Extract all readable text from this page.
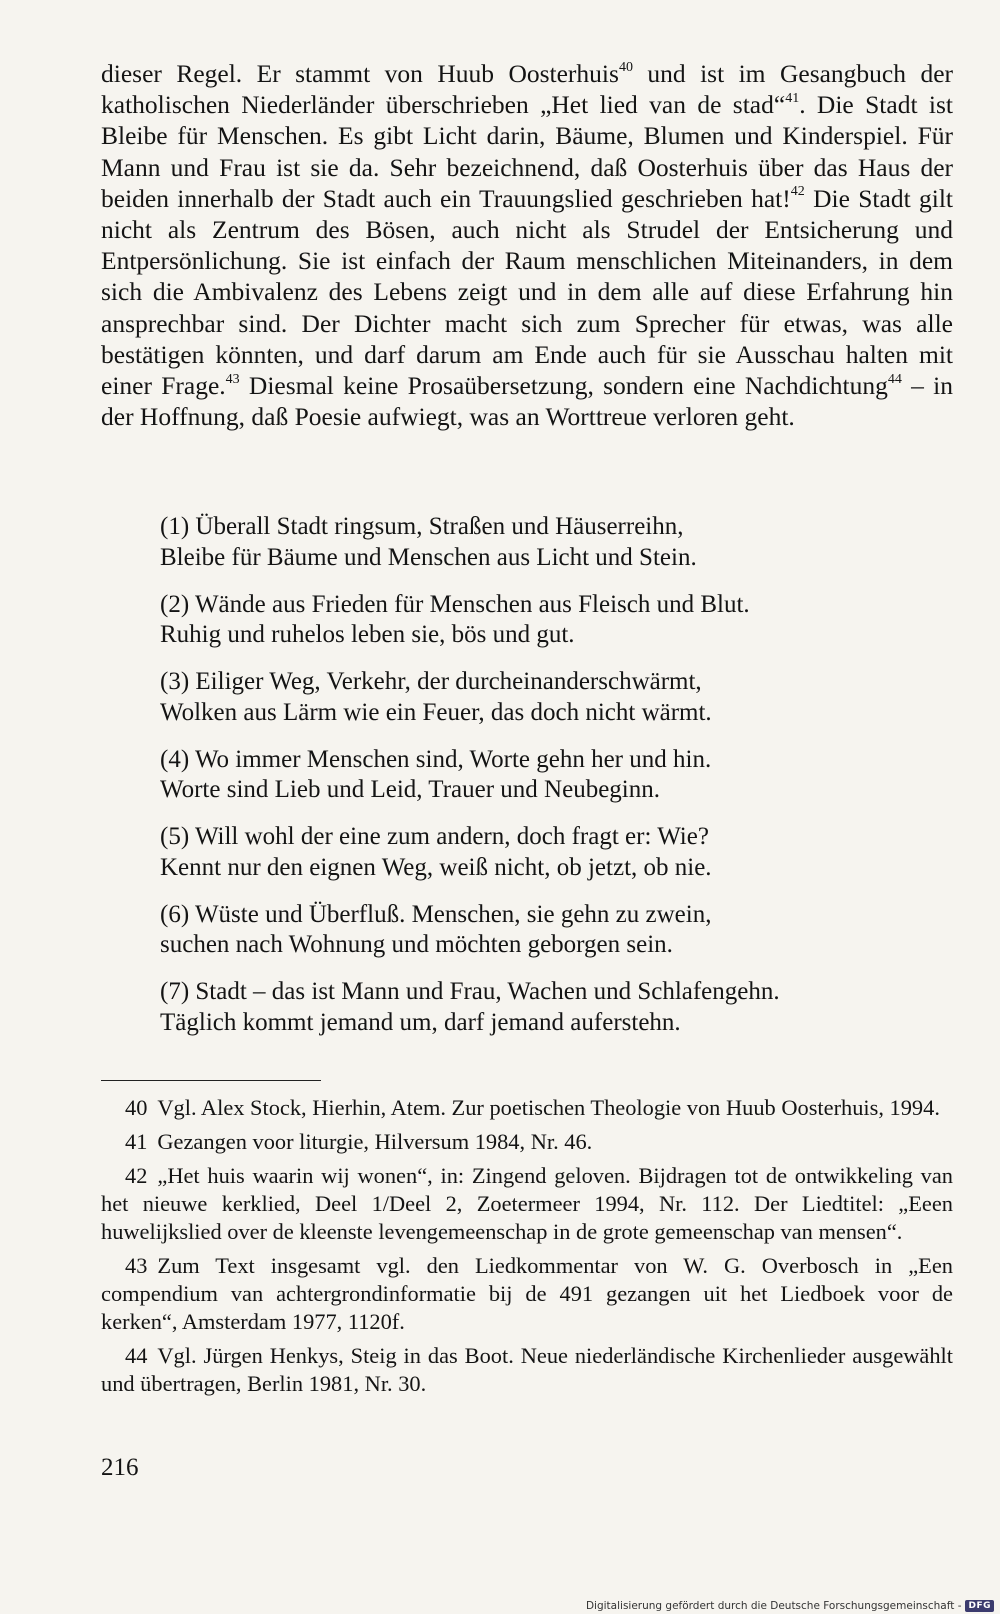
dieser Regel. Er stammt von Huub Oosterhuis$^{40}$ und ist im Gesangbuch der katholischen Niederländer überschrieben „Het lied van de stad“$^{41}$. Die Stadt ist Bleibe für Menschen. Es gibt Licht darin, Bäume, Blumen und Kinderspiel. Für Mann und Frau ist sie da. Sehr bezeichnend, daß Oosterhuis über das Haus der beiden innerhalb der Stadt auch ein Trauungslied geschrieben hat!$^{42}$ Die Stadt gilt nicht als Zentrum des Bösen, auch nicht als Strudel der Entsicherung und Entpersönlichung. Sie ist einfach der Raum menschlichen Miteinanders, in dem sich die Ambivalenz des Lebens zeigt und in dem alle auf diese Erfahrung hin ansprechbar sind. Der Dichter macht sich zum Sprecher für etwas, was alle bestätigen könnten, und darf darum am Ende auch für sie Ausschau halten mit einer Frage.$^{43}$ Diesmal keine Prosaübersetzung, sondern eine Nachdichtung$^{44}$ – in der Hoffnung, daß Poesie aufwiegt, was an Worttreue verloren geht.

(1) Überall Stadt ringsum, Straßen und Häuserreihn,
Bleibe für Bäume und Menschen aus Licht und Stein.
(2) Wände aus Frieden für Menschen aus Fleisch und Blut.
Ruhig und ruhelos leben sie, bös und gut.
(3) Eiliger Weg, Verkehr, der durcheinanderschwärmt,
Wolken aus Lärm wie ein Feuer, das doch nicht wärmt.
(4) Wo immer Menschen sind, Worte gehn her und hin.
Worte sind Lieb und Leid, Trauer und Neubeginn.
(5) Will wohl der eine zum andern, doch fragt er: Wie?
Kennt nur den eignen Weg, weiß nicht, ob jetzt, ob nie.
(6) Wüste und Überfluß. Menschen, sie gehn zu zwein,
suchen nach Wohnung und möchten geborgen sein.
(7) Stadt – das ist Mann und Frau, Wachen und Schlafengehn.
Täglich kommt jemand um, darf jemand auferstehn.
40 Vgl. Alex Stock, Hierhin, Atem. Zur poetischen Theologie von Huub Oosterhuis, 1994.
41 Gezangen voor liturgie, Hilversum 1984, Nr. 46.
42 „Het huis waarin wij wonen“, in: Zingend geloven. Bijdragen tot de ontwikkeling van het nieuwe kerklied, Deel 1/Deel 2, Zoetermeer 1994, Nr. 112. Der Liedtitel: „Eeen huwelijkslied over de kleenste levengemeenschap in de grote gemeenschap van mensen“.
43 Zum Text insgesamt vgl. den Liedkommentar von W. G. Overbosch in „Een compendium van achtergrondinformatie bij de 491 gezangen uit het Liedboek voor de kerken“, Amsterdam 1977, 1120f.
44 Vgl. Jürgen Henkys, Steig in das Boot. Neue niederländische Kirchenlieder ausgewählt und übertragen, Berlin 1981, Nr. 30.
216
Digitalisierung gefördert durch die Deutsche Forschungsgemeinschaft - DFG
